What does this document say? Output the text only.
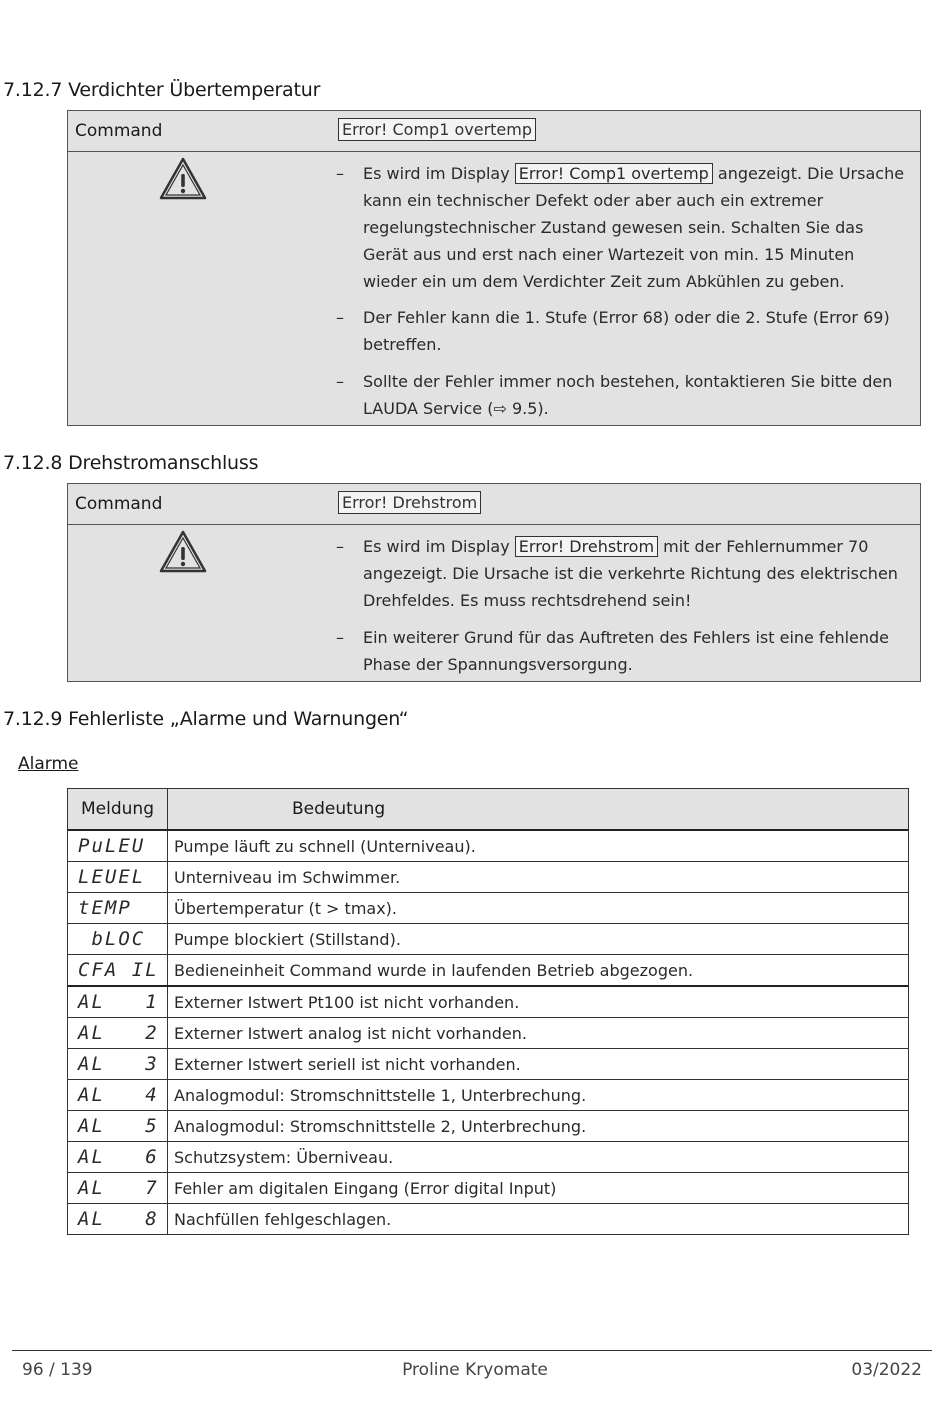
7.12.7 Verdichter Übertemperatur
Command	Error! Comp1 overtemp
– Es wird im Display Error! Comp1 overtemp angezeigt. Die Ursache kann ein technischer Defekt oder aber auch ein extremer regelungstechnischer Zustand gewesen sein. Schalten Sie das Gerät aus und erst nach einer Wartezeit von min. 15 Minuten wieder ein um dem Verdichter Zeit zum Abkühlen zu geben.
– Der Fehler kann die 1. Stufe (Error 68) oder die 2. Stufe (Error 69) betreffen.
– Sollte der Fehler immer noch bestehen, kontaktieren Sie bitte den LAUDA Service (⇨ 9.5).
7.12.8 Drehstromanschluss
Command	Error! Drehstrom
– Es wird im Display Error! Drehstrom mit der Fehlernummer 70 angezeigt. Die Ursache ist die verkehrte Richtung des elektrischen Drehfeldes. Es muss rechtsdrehend sein!
– Ein weiterer Grund für das Auftreten des Fehlers ist eine fehlende Phase der Spannungsversorgung.
7.12.9 Fehlerliste „Alarme und Warnungen“
Alarme
Meldung	Bedeutung
PuLEU	Pumpe läuft zu schnell (Unterniveau).
LEUEL	Unterniveau im Schwimmer.
tEMP	Übertemperatur (t > tmax).
bLOC	Pumpe blockiert (Stillstand).
CFA IL	Bedieneinheit Command wurde in laufenden Betrieb abgezogen.
AL   1	Externer Istwert Pt100 ist nicht vorhanden.
AL   2	Externer Istwert analog ist nicht vorhanden.
AL   3	Externer Istwert seriell ist nicht vorhanden.
AL   4	Analogmodul: Stromschnittstelle 1, Unterbrechung.
AL   5	Analogmodul: Stromschnittstelle 2, Unterbrechung.
AL   6	Schutzsystem: Überniveau.
AL   7	Fehler am digitalen Eingang (Error digital Input)
AL   8	Nachfüllen fehlgeschlagen.
96 / 139	Proline Kryomate	03/2022
